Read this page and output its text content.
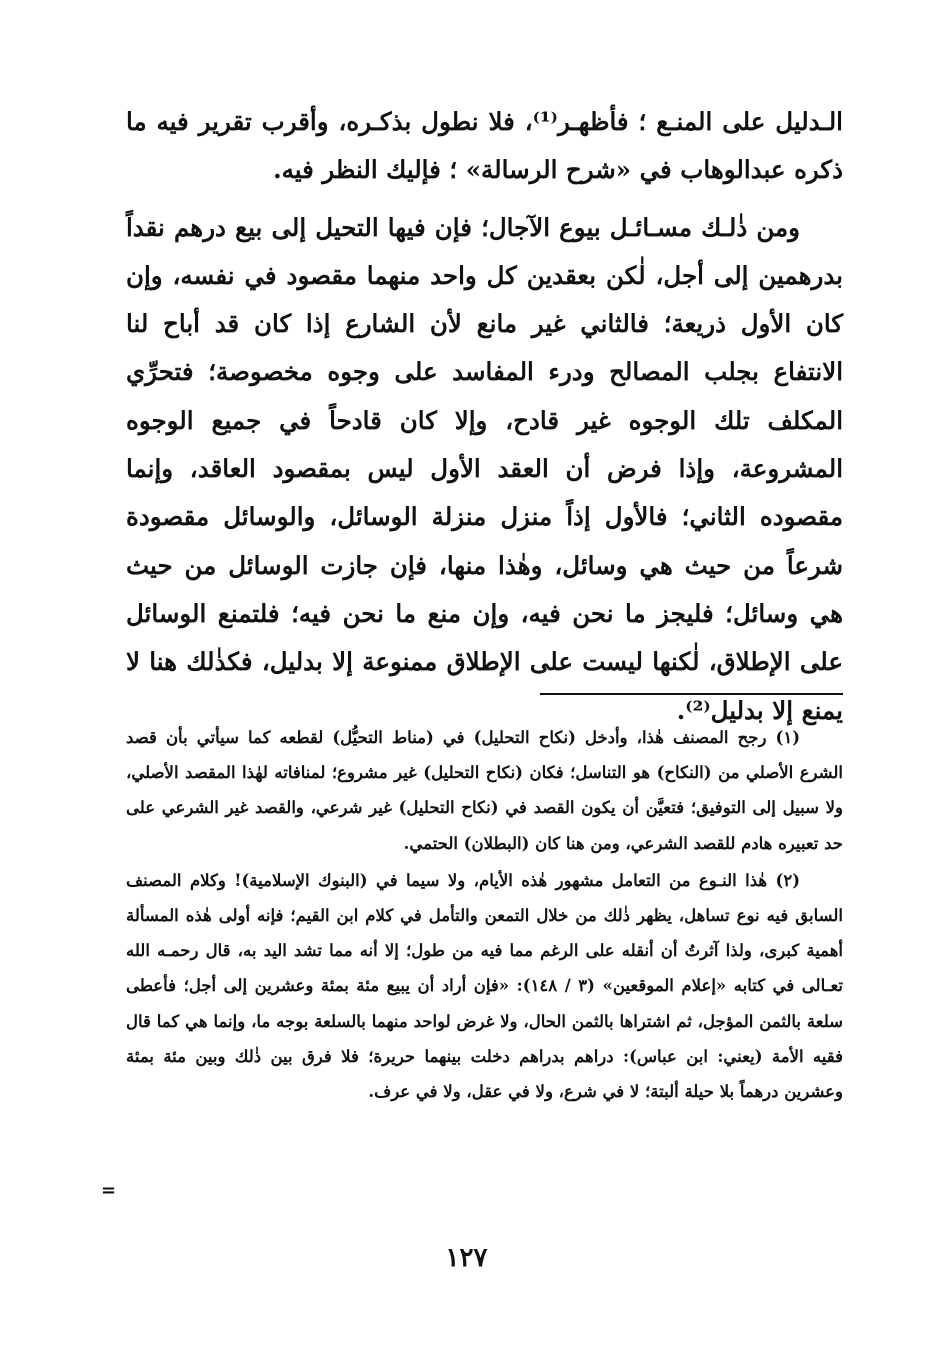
الـدليل على المنـع ؛ فأظهـر⁽¹⁾، فلا نطول بذكـره، وأقرب تقرير فيه ما ذكره عبدالوهاب في «شرح الرسالة» ؛ فإليك النظر فيه.

ومن ذٰلـك مسـائـل بيوع الآجال؛ فإن فيها التحيل إلى بيع درهم نقداً بدرهمين إلى أجل، لٰكن بعقدين كل واحد منهما مقصود في نفسه، وإن كان الأول ذريعة؛ فالثاني غير مانع لأن الشارع إذا كان قد أباح لنا الانتفاع بجلب المصالح ودرء المفاسد على وجوه مخصوصة؛ فتحرِّي المكلف تلك الوجوه غير قادح، وإلا كان قادحاً في جميع الوجوه المشروعة، وإذا فرض أن العقد الأول ليس بمقصود العاقد، وإنما مقصوده الثاني؛ فالأول إذاً منزل منزلة الوسائل، والوسائل مقصودة شرعاً من حيث هي وسائل، وهٰذا منها، فإن جازت الوسائل من حيث هي وسائل؛ فليجز ما نحن فيه، وإن منع ما نحن فيه؛ فلتمنع الوسائل على الإطلاق، لٰكنها ليست على الإطلاق ممنوعة إلا بدليل، فكذٰلك هنا لا يمنع إلا بدليل⁽²⁾.

(١) رجح المصنف هٰذا، وأدخل (نكاح التحليل) في (مناط التحيُّل) لقطعه كما سيأتي بأن قصد الشرع الأصلي من (النكاح) هو التناسل؛ فكان (نكاح التحليل) غير مشروع؛ لمنافاته لهٰذا المقصد الأصلي، ولا سبيل إلى التوفيق؛ فتعيَّن أن يكون القصد في (نكاح التحليل) غير شرعي، والقصد غير الشرعي على حد تعبيره هادم للقصد الشرعي، ومن هنا كان (البطلان) الحتمي.

(٢) هٰذا النـوع من التعامل مشهور هٰذه الأيام، ولا سيما في (البنوك الإسلامية)! وكلام المصنف السابق فيه نوع تساهل، يظهر ذٰلك من خلال التمعن والتأمل في كلام ابن القيم؛ فإنه أولى هٰذه المسألة أهمية كبرى، ولذا آثرتُ أن أنقله على الرغم مما فيه من طول؛ إلا أنه مما تشد اليد به، قال رحمـه الله تعـالى في كتابه «إعلام الموقعين» (٣ / ١٤٨): «فإن أراد أن يبيع مئة بمئة وعشرين إلى أجل؛ فأعطى سلعة بالثمن المؤجل، ثم اشتراها بالثمن الحال، ولا غرض لواحد منهما بالسلعة بوجه ما، وإنما هي كما قال فقيه الأمة (يعني: ابن عباس): دراهم بدراهم دخلت بينهما حريرة؛ فلا فرق بين ذٰلك وبين مئة بمئة وعشرين درهماً بلا حيلة ألبتة؛ لا في شرع، ولا في عقل، ولا في عرف.

=
١٢٧
